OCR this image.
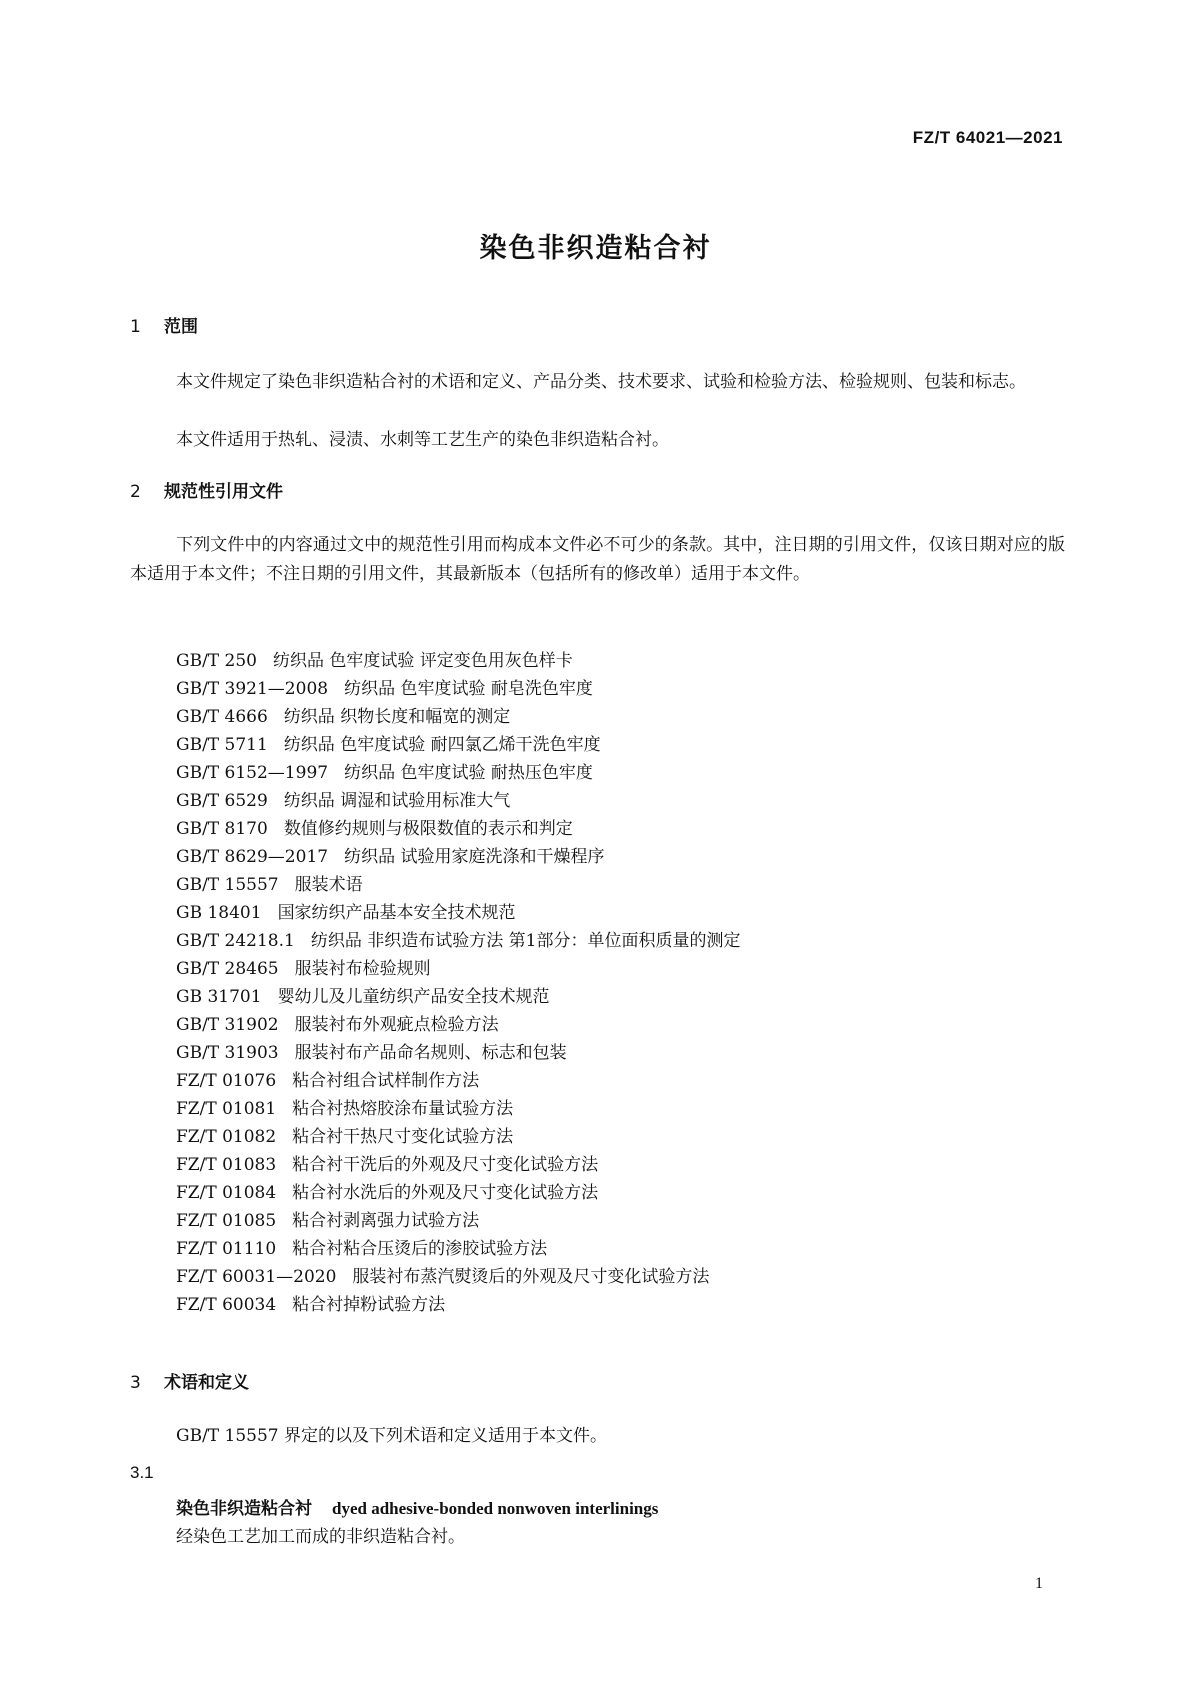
FZ/T 64021—2021
染色非织造粘合衬
1 范围
本文件规定了染色非织造粘合衬的术语和定义、产品分类、技术要求、试验和检验方法、检验规则、包装和标志。
本文件适用于热轧、浸渍、水刺等工艺生产的染色非织造粘合衬。
2 规范性引用文件
下列文件中的内容通过文中的规范性引用而构成本文件必不可少的条款。其中，注日期的引用文件，仅该日期对应的版本适用于本文件；不注日期的引用文件，其最新版本（包括所有的修改单）适用于本文件。
GB/T 250 纺织品 色牢度试验 评定变色用灰色样卡
GB/T 3921—2008 纺织品 色牢度试验 耐皂洗色牢度
GB/T 4666 纺织品 织物长度和幅宽的测定
GB/T 5711 纺织品 色牢度试验 耐四氯乙烯干洗色牢度
GB/T 6152—1997 纺织品 色牢度试验 耐热压色牢度
GB/T 6529 纺织品 调湿和试验用标准大气
GB/T 8170 数值修约规则与极限数值的表示和判定
GB/T 8629—2017 纺织品 试验用家庭洗涤和干燥程序
GB/T 15557 服装术语
GB 18401 国家纺织产品基本安全技术规范
GB/T 24218.1 纺织品 非织造布试验方法 第1部分：单位面积质量的测定
GB/T 28465 服装衬布检验规则
GB 31701 婴幼儿及儿童纺织产品安全技术规范
GB/T 31902 服装衬布外观疵点检验方法
GB/T 31903 服装衬布产品命名规则、标志和包装
FZ/T 01076 粘合衬组合试样制作方法
FZ/T 01081 粘合衬热熔胶涂布量试验方法
FZ/T 01082 粘合衬干热尺寸变化试验方法
FZ/T 01083 粘合衬干洗后的外观及尺寸变化试验方法
FZ/T 01084 粘合衬水洗后的外观及尺寸变化试验方法
FZ/T 01085 粘合衬剥离强力试验方法
FZ/T 01110 粘合衬粘合压烫后的渗胶试验方法
FZ/T 60031—2020 服装衬布蒸汽熨烫后的外观及尺寸变化试验方法
FZ/T 60034 粘合衬掉粉试验方法
3 术语和定义
GB/T 15557 界定的以及下列术语和定义适用于本文件。
3.1
染色非织造粘合衬 dyed adhesive-bonded nonwoven interlinings
经染色工艺加工而成的非织造粘合衬。
1
